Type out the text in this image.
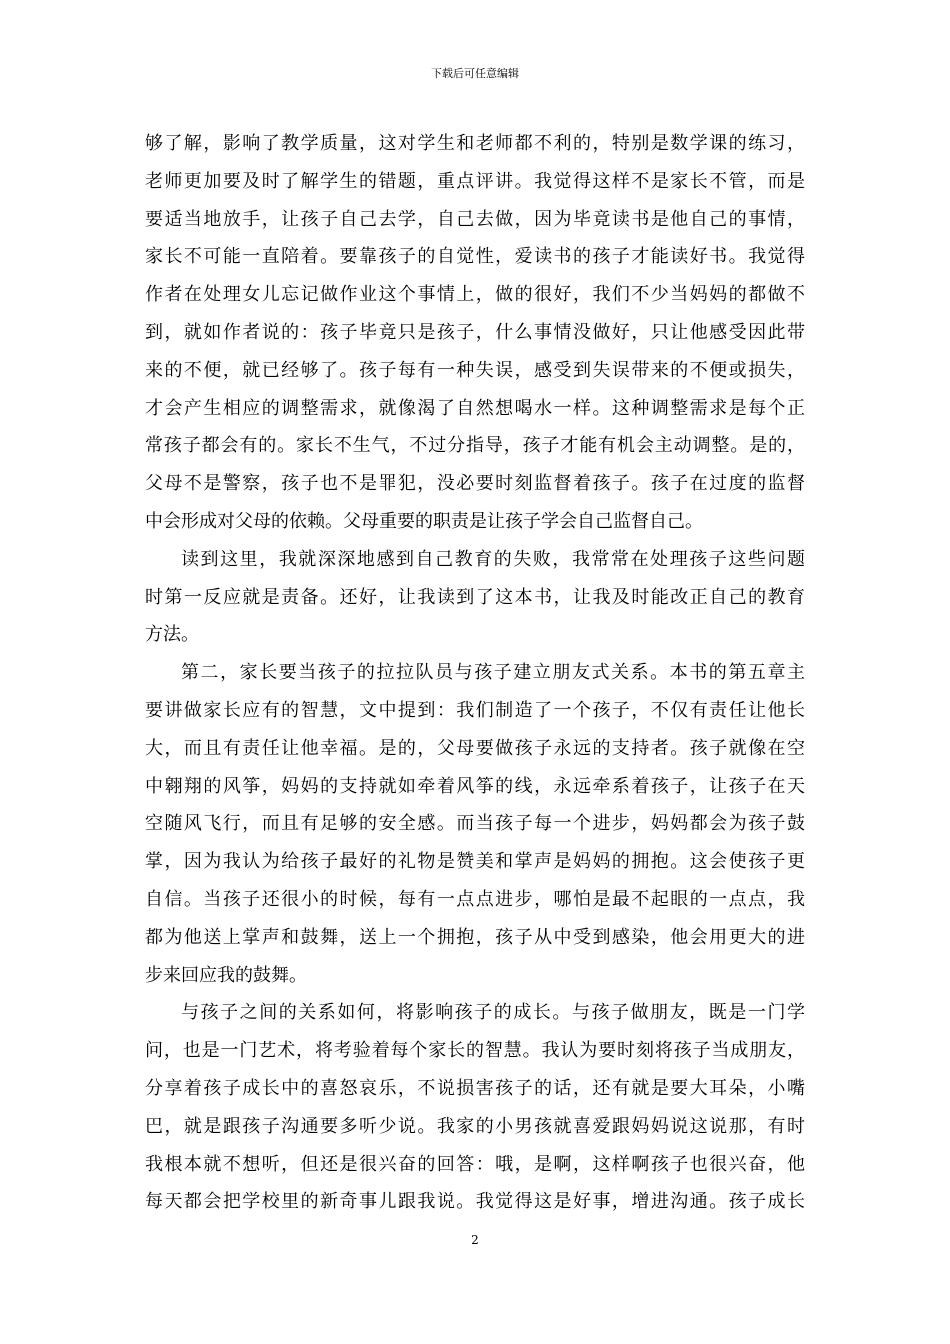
下载后可任意编辑
够了解，影响了教学质量，这对学生和老师都不利的，特别是数学课的练习，
老师更加要及时了解学生的错题，重点评讲。我觉得这样不是家长不管，而是
要适当地放手，让孩子自己去学，自己去做，因为毕竟读书是他自己的事情，
家长不可能一直陪着。要靠孩子的自觉性，爱读书的孩子才能读好书。我觉得
作者在处理女儿忘记做作业这个事情上，做的很好，我们不少当妈妈的都做不
到，就如作者说的：孩子毕竟只是孩子，什么事情没做好，只让他感受因此带
来的不便，就已经够了。孩子每有一种失误，感受到失误带来的不便或损失，
才会产生相应的调整需求，就像渴了自然想喝水一样。这种调整需求是每个正
常孩子都会有的。家长不生气，不过分指导，孩子才能有机会主动调整。是的，
父母不是警察，孩子也不是罪犯，没必要时刻监督着孩子。孩子在过度的监督
中会形成对父母的依赖。父母重要的职责是让孩子学会自己监督自己。
读到这里，我就深深地感到自己教育的失败，我常常在处理孩子这些问题
时第一反应就是责备。还好，让我读到了这本书，让我及时能改正自己的教育
方法。
第二，家长要当孩子的拉拉队员与孩子建立朋友式关系。本书的第五章主
要讲做家长应有的智慧，文中提到：我们制造了一个孩子，不仅有责任让他长
大，而且有责任让他幸福。是的，父母要做孩子永远的支持者。孩子就像在空
中翱翔的风筝，妈妈的支持就如牵着风筝的线，永远牵系着孩子，让孩子在天
空随风飞行，而且有足够的安全感。而当孩子每一个进步，妈妈都会为孩子鼓
掌，因为我认为给孩子最好的礼物是赞美和掌声是妈妈的拥抱。这会使孩子更
自信。当孩子还很小的时候，每有一点点进步，哪怕是最不起眼的一点点，我
都为他送上掌声和鼓舞，送上一个拥抱，孩子从中受到感染，他会用更大的进
步来回应我的鼓舞。
与孩子之间的关系如何，将影响孩子的成长。与孩子做朋友，既是一门学
问，也是一门艺术，将考验着每个家长的智慧。我认为要时刻将孩子当成朋友，
分享着孩子成长中的喜怒哀乐，不说损害孩子的话，还有就是要大耳朵，小嘴
巴，就是跟孩子沟通要多听少说。我家的小男孩就喜爱跟妈妈说这说那，有时
我根本就不想听，但还是很兴奋的回答：哦，是啊，这样啊孩子也很兴奋，他
每天都会把学校里的新奇事儿跟我说。我觉得这是好事，增进沟通。孩子成长
2
